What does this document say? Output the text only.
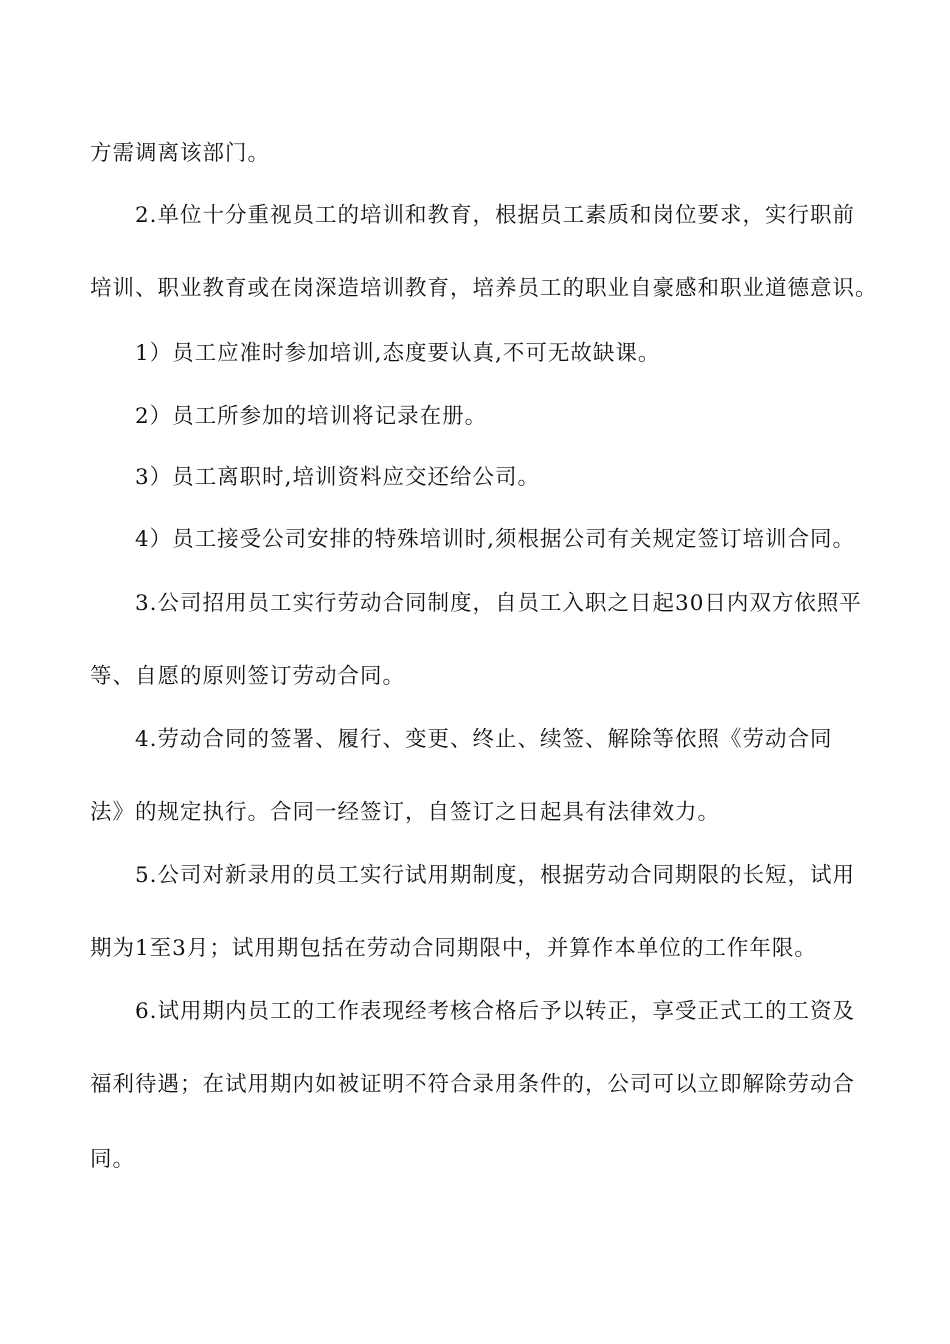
方需调离该部门。
2.单位十分重视员工的培训和教育，根据员工素质和岗位要求，实行职前
培训、职业教育或在岗深造培训教育，培养员工的职业自豪感和职业道德意识。
1）员工应准时参加培训,态度要认真,不可无故缺课。
2）员工所参加的培训将记录在册。
3）员工离职时,培训资料应交还给公司。
4）员工接受公司安排的特殊培训时,须根据公司有关规定签订培训合同。
3.公司招用员工实行劳动合同制度，自员工入职之日起30日内双方依照平
等、自愿的原则签订劳动合同。
4.劳动合同的签署、履行、变更、终止、续签、解除等依照《劳动合同
法》的规定执行。合同一经签订，自签订之日起具有法律效力。
5.公司对新录用的员工实行试用期制度，根据劳动合同期限的长短，试用
期为1至3月；试用期包括在劳动合同期限中，并算作本单位的工作年限。
6.试用期内员工的工作表现经考核合格后予以转正，享受正式工的工资及
福利待遇；在试用期内如被证明不符合录用条件的，公司可以立即解除劳动合
同。
